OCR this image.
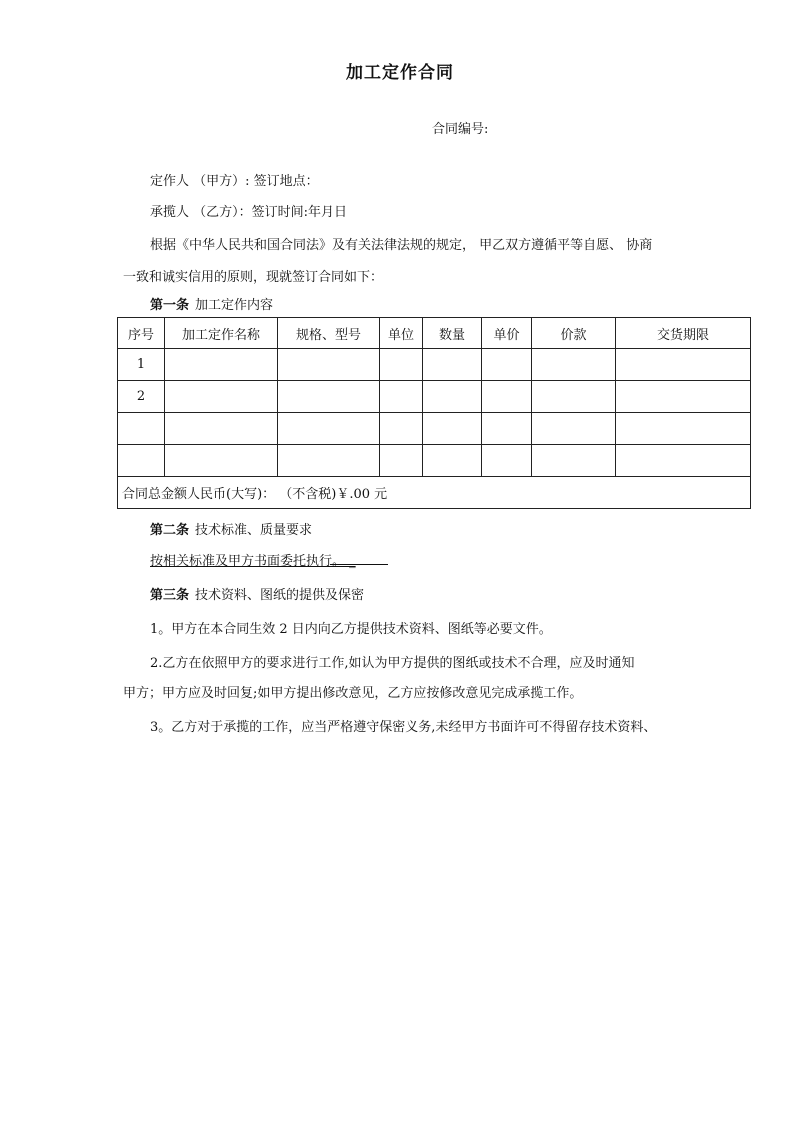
加工定作合同
合同编号:
定作人 （甲方）: 签订地点：
承揽人 （乙方）：签订时间:年月日
根据《中华人民共和国合同法》及有关法律法规的规定， 甲乙双方遵循平等自愿、 协商
一致和诚实信用的原则，现就签订合同如下：
第一条 加工定作内容
序号	加工定作名称	规格、型号	单位	数量	单价	价款	交货期限
1							
2							

合同总金额人民币(大写)： （不含税)￥.00 元							
第二条 技术标准、质量要求
按相关标准及甲方书面委托执行。 _
第三条 技术资料、图纸的提供及保密
1。甲方在本合同生效 2 日内向乙方提供技术资料、图纸等必要文件。
2.乙方在依照甲方的要求进行工作,如认为甲方提供的图纸或技术不合理，应及时通知
甲方；甲方应及时回复;如甲方提出修改意见，乙方应按修改意见完成承揽工作。
3。乙方对于承揽的工作，应当严格遵守保密义务,未经甲方书面许可不得留存技术资料、
